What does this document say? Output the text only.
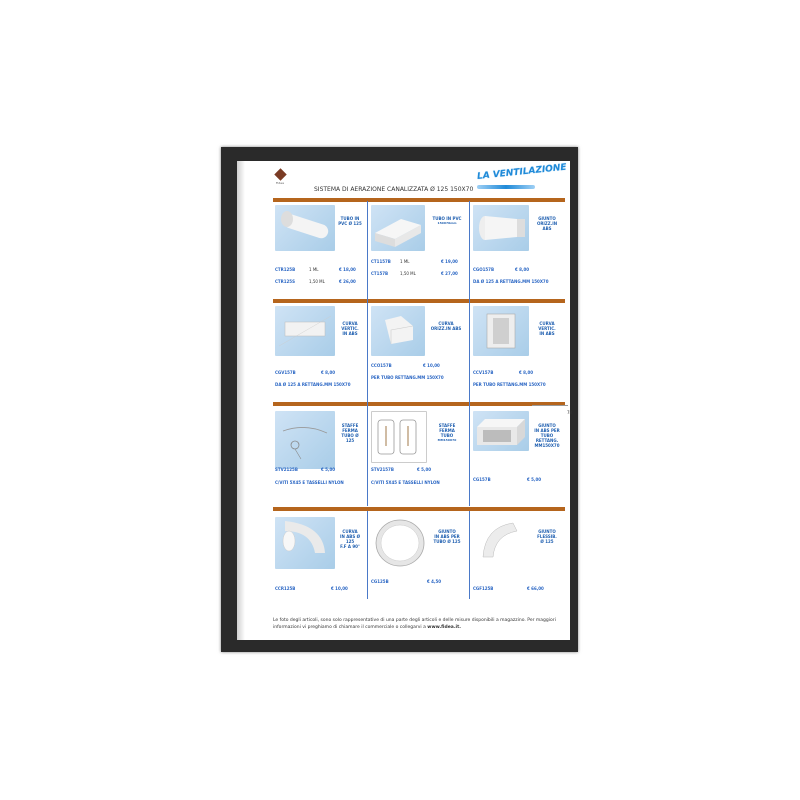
Fidea
SISTEMA DI AERAZIONE CANALIZZATA Ø 125 150X70
LA VENTILAZIONE
78
TUBO IN
PVC Ø 125
CTR125B	1 ML	€ 18,00
CTR125S	1,50 ML	€ 26,00
TUBO IN PVC
150X70mm
CT1157B 1 ML	€ 19,00
CT157B	1,50 ML	€ 27,00
GIUNTO
ORIZZ.IN
ABS
CGO157B	€ 8,00
DA Ø 125 A RETTANG.MM 150X70
CURVA
VERTIC.
IN ABS
CGV157B	€ 8,00
DA Ø 125 A RETTANG.MM 150X70
CURVA
ORIZZ.IN ABS
CCO157B	€ 10,00
PER TUBO RETTANG.MM 150X70
CURVA
VERTIC.
IN ABS
CCV157B	€ 8,00
PER TUBO RETTANG.MM 150X70
STAFFE
FERMA
TUBO Ø
125
STV2125B	€ 5,00
C/VITI 5X45 E TASSELLI NYLON
STAFFE
FERMA
TUBO
MM150X70
STV2157B	€ 5,00
C/VITI 5X45 E TASSELLI NYLON
GIUNTO
IN ABS PER
TUBO
RETTANG.
MM150X70
CG157B	€ 5,00
CURVA
IN ABS Ø
125
F.F A 90°
CCR125B	€ 10,00
GIUNTO
IN ABS PER
TUBO Ø 125
CG125B	€ 4,50
GIUNTO
FLESSIB.
Ø 125
CGF125B	€ 66,00
Le foto degli articoli, sono solo rappresentative di una parte degli articoli e delle misure disponibili a magazzino. Per maggiori informazioni vi preghiamo di chiamare il commerciale o collegarvi a www.fidea.it.
